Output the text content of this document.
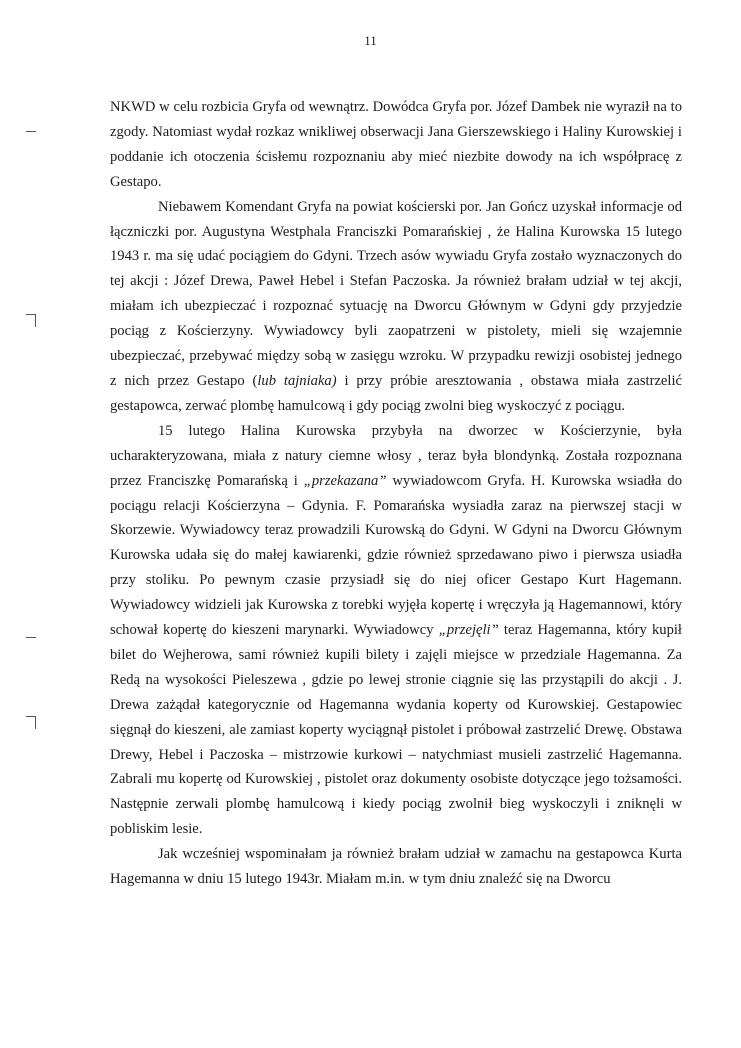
11

NKWD w celu rozbicia Gryfa od wewnątrz. Dowódca Gryfa por. Józef Dambek nie wyraził na to zgody. Natomiast wydał rozkaz wnikliwej obserwacji Jana Gierszewskiego i Haliny Kurowskiej i poddanie ich otoczenia ścisłemu rozpoznaniu aby mieć niezbite dowody na ich współpracę z Gestapo.

Niebawem Komendant Gryfa na powiat kościerski por. Jan Gończ uzyskał informacje od łączniczki por. Augustyna Westphala Franciszki Pomarańskiej , że Halina Kurowska 15 lutego 1943 r. ma się udać pociągiem do Gdyni. Trzech asów wywiadu Gryfa zostało wyznaczonych do tej akcji : Józef Drewa, Paweł Hebel i Stefan Paczoska. Ja również brałam udział w tej akcji, miałam ich ubezpieczać i rozpoznać sytuację na Dworcu Głównym w Gdyni gdy przyjedzie pociąg z Kościerzyny. Wywiadowcy byli zaopatrzeni w pistolety, mieli się wzajemnie ubezpieczać, przebywać między sobą w zasięgu wzroku. W przypadku rewizji osobistej jednego z nich przez Gestapo (lub tajniaka) i przy próbie aresztowania , obstawa miała zastrzelić gestapowca, zerwać plombę hamulcową i gdy pociąg zwolni bieg wyskoczyć z pociągu.

15 lutego Halina Kurowska przybyła na dworzec w Kościerzynie, była ucharakteryzowana, miała z natury ciemne włosy , teraz była blondynką. Została rozpoznana przez Franciszkę Pomarańską i „przekazana” wywiadowcom Gryfa. H. Kurowska wsiadła do pociągu relacji Kościerzyna – Gdynia. F. Pomarańska wysiadła zaraz na pierwszej stacji w Skorzewie. Wywiadowcy teraz prowadzili Kurowską do Gdyni. W Gdyni na Dworcu Głównym Kurowska udała się do małej kawiarenki, gdzie również sprzedawano piwo i pierwsza usiadła przy stoliku. Po pewnym czasie przysiadł się do niej oficer Gestapo Kurt Hagemann. Wywiadowcy widzieli jak Kurowska z torebki wyjęła kopertę i wręczyła ją Hagemannowi, który schował kopertę do kieszeni marynarki. Wywiadowcy „przejęli” teraz Hagemanna, który kupił bilet do Wejherowa, sami również kupili bilety i zajęli miejsce w przedziale Hagemanna. Za Redą na wysokości Pieleszewa , gdzie po lewej stronie ciągnie się las przystąpili do akcji . J. Drewa zażądał kategorycznie od Hagemanna wydania koperty od Kurowskiej. Gestapowiec sięgnął do kieszeni, ale zamiast koperty wyciągnął pistolet i próbował zastrzelić Drewę. Obstawa Drewy, Hebel i Paczoska – mistrzowie kurkowi – natychmiast musieli zastrzelić Hagemanna. Zabrali mu kopertę od Kurowskiej , pistolet oraz dokumenty osobiste dotyczące jego tożsamości. Następnie zerwali plombę hamulcową i kiedy pociąg zwolnił bieg wyskoczyli i zniknęli w pobliskim lesie.

Jak wcześniej wspominałam ja również brałam udział w zamachu na gestapowca Kurta Hagemanna w dniu 15 lutego 1943r. Miałam m.in. w tym dniu znaleźć się na Dworcu
